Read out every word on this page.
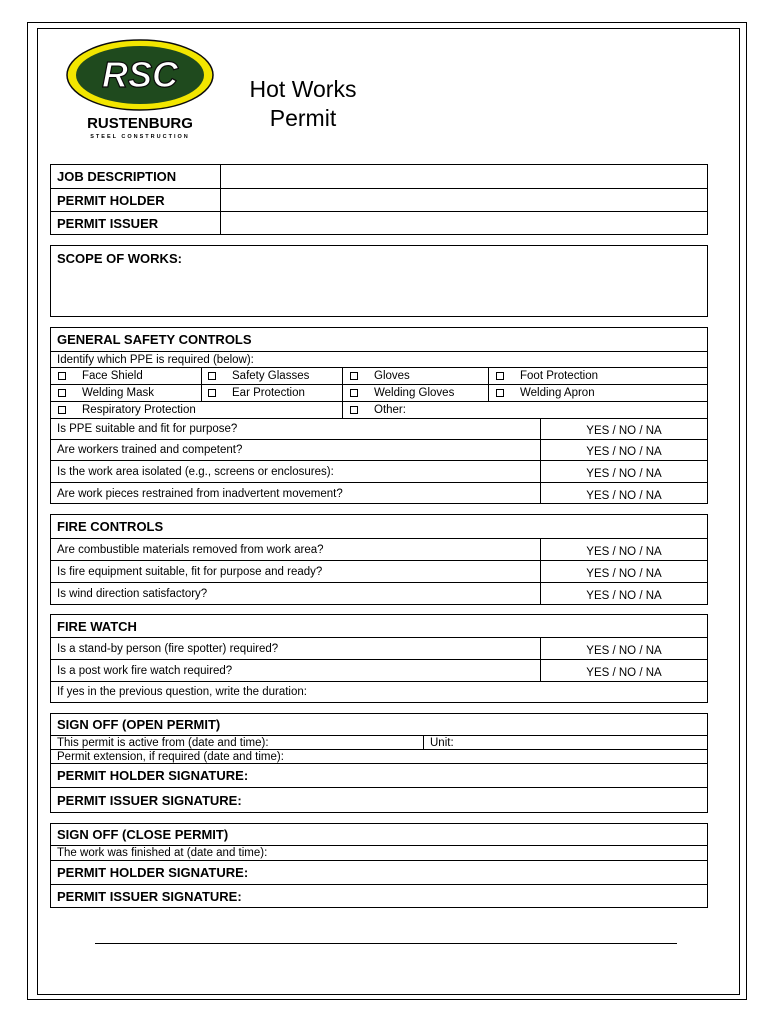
RSC
RUSTENBURG
STEEL CONSTRUCTION
Hot Works
Permit
JOB DESCRIPTION
PERMIT HOLDER
PERMIT ISSUER
SCOPE OF WORKS:
GENERAL SAFETY CONTROLS
Identify which PPE is required (below):
Face Shield	Safety Glasses	Gloves	Foot Protection
Welding Mask	Ear Protection	Welding Gloves	Welding Apron
Respiratory Protection	Other:
Is PPE suitable and fit for purpose?	YES / NO / NA
Are workers trained and competent?	YES / NO / NA
Is the work area isolated (e.g., screens or enclosures):	YES / NO / NA
Are work pieces restrained from inadvertent movement?	YES / NO / NA
FIRE CONTROLS
Are combustible materials removed from work area?	YES / NO / NA
Is fire equipment suitable, fit for purpose and ready?	YES / NO / NA
Is wind direction satisfactory?	YES / NO / NA
FIRE WATCH
Is a stand-by person (fire spotter) required?	YES / NO / NA
Is a post work fire watch required?	YES / NO / NA
If yes in the previous question, write the duration:
SIGN OFF (OPEN PERMIT)
This permit is active from (date and time):	Unit:
Permit extension, if required (date and time):
PERMIT HOLDER SIGNATURE:
PERMIT ISSUER SIGNATURE:
SIGN OFF (CLOSE PERMIT)
The work was finished at (date and time):
PERMIT HOLDER SIGNATURE:
PERMIT ISSUER SIGNATURE:
